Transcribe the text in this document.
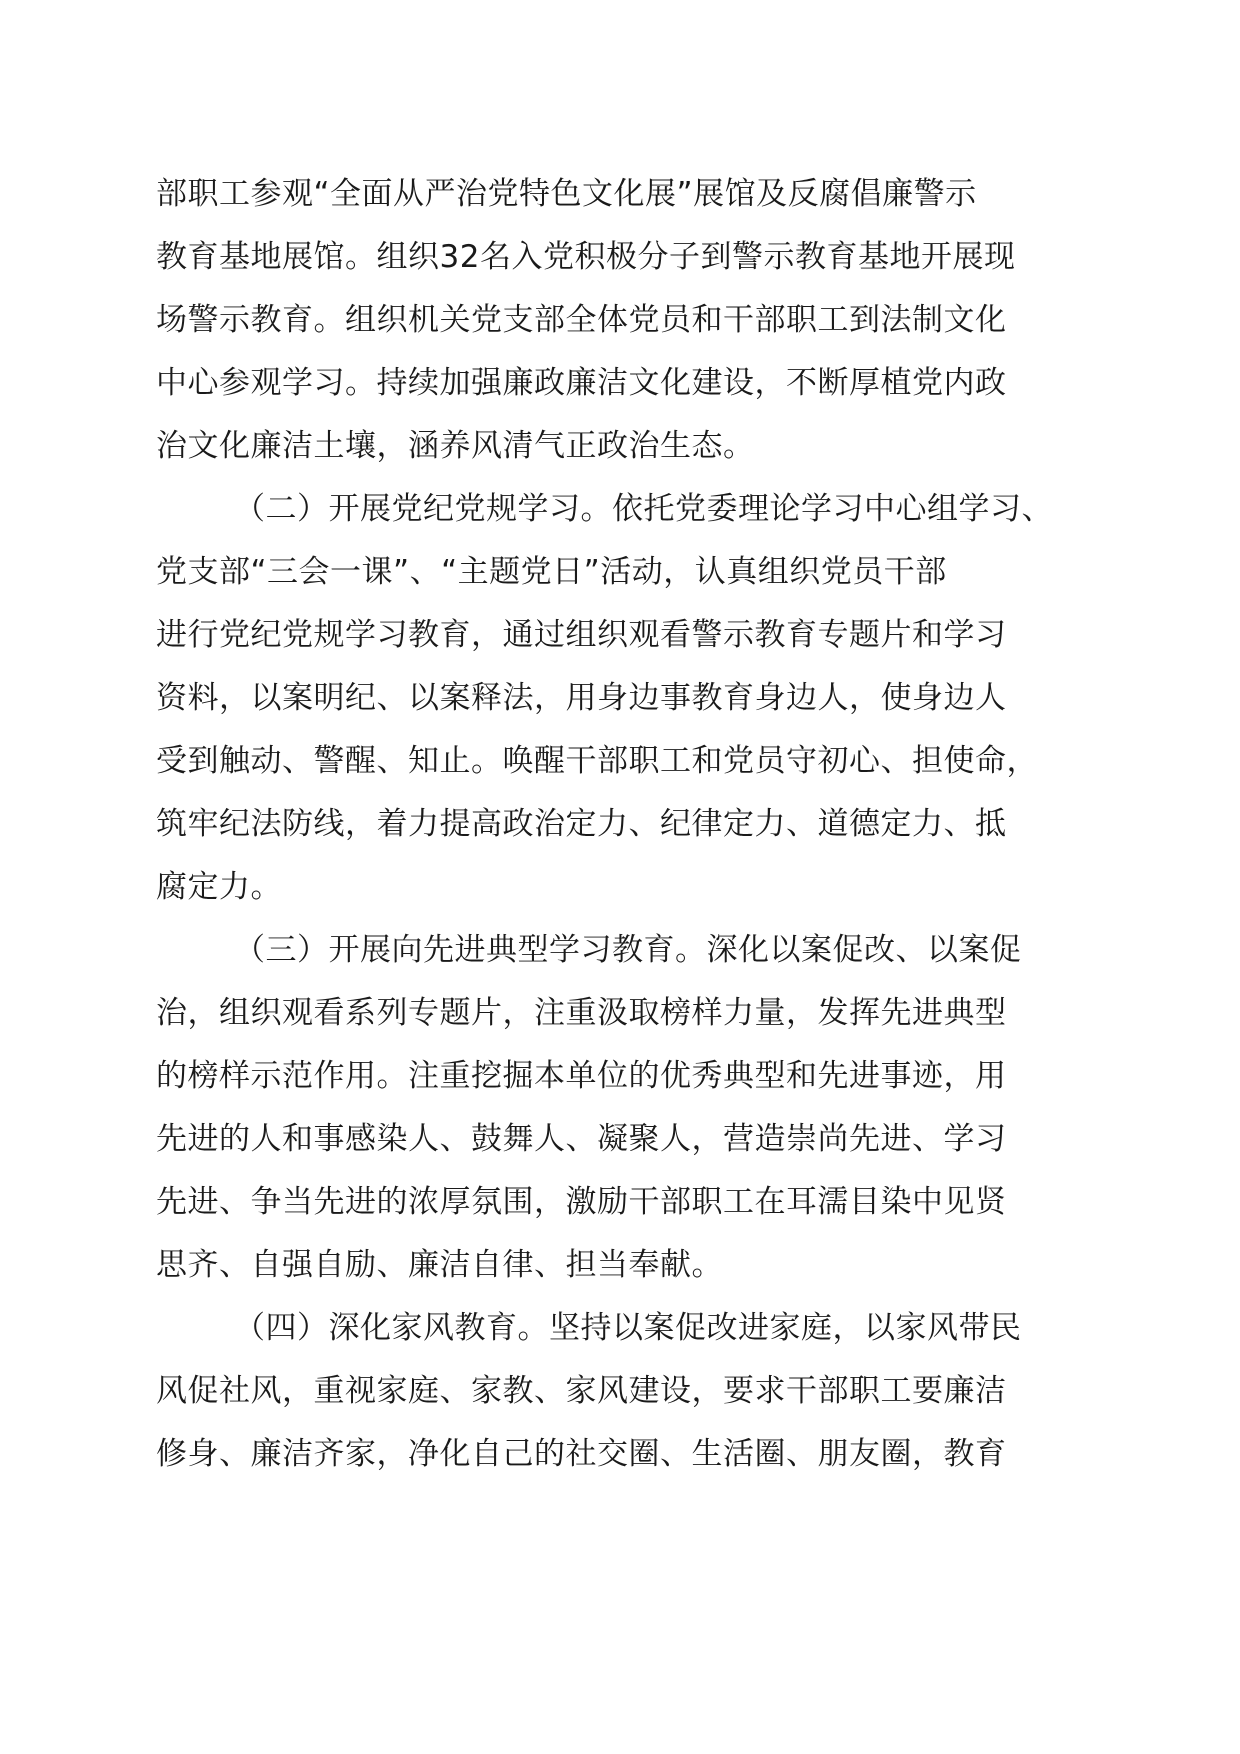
部职工参观“全面从严治党特色文化展”展馆及反腐倡廉警示
教育基地展馆。组织32名入党积极分子到警示教育基地开展现
场警示教育。组织机关党支部全体党员和干部职工到法制文化
中心参观学习。持续加强廉政廉洁文化建设，不断厚植党内政
治文化廉洁土壤，涵养风清气正政治生态。
（二）开展党纪党规学习。依托党委理论学习中心组学习、
党支部“三会一课”、“主题党日”活动，认真组织党员干部
进行党纪党规学习教育，通过组织观看警示教育专题片和学习
资料，以案明纪、以案释法，用身边事教育身边人，使身边人
受到触动、警醒、知止。唤醒干部职工和党员守初心、担使命，
筑牢纪法防线，着力提高政治定力、纪律定力、道德定力、抵
腐定力。
（三）开展向先进典型学习教育。深化以案促改、以案促
治，组织观看系列专题片，注重汲取榜样力量，发挥先进典型
的榜样示范作用。注重挖掘本单位的优秀典型和先进事迹，用
先进的人和事感染人、鼓舞人、凝聚人，营造崇尚先进、学习
先进、争当先进的浓厚氛围，激励干部职工在耳濡目染中见贤
思齐、自强自励、廉洁自律、担当奉献。
（四）深化家风教育。坚持以案促改进家庭，以家风带民
风促社风，重视家庭、家教、家风建设，要求干部职工要廉洁
修身、廉洁齐家，净化自己的社交圈、生活圈、朋友圈，教育
